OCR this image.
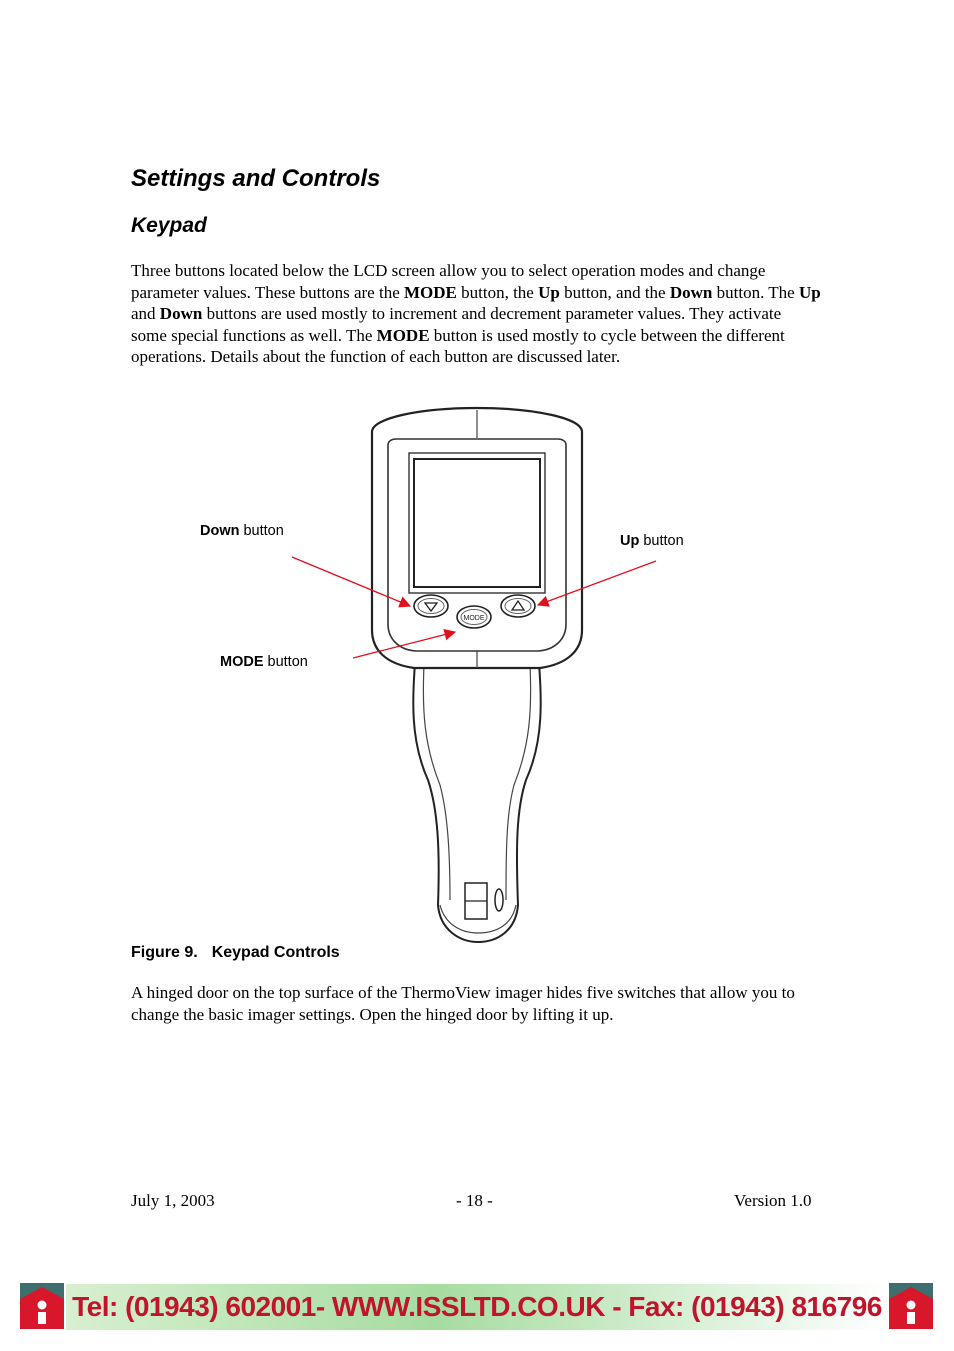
Settings and Controls
Keypad

Three buttons located below the LCD screen allow you to select operation modes and change parameter values. These buttons are the MODE button, the Up button, and the Down button. The Up and Down buttons are used mostly to increment and decrement parameter values. They activate some special functions as well. The MODE button is used mostly to cycle between the different operations. Details about the function of each button are discussed later.

MODE
Down button
Up button
MODE button
Figure 9. Keypad Controls

A hinged door on the top surface of the ThermoView imager hides five switches that allow you to change the basic imager settings. Open the hinged door by lifting it up.

July 1, 2003	- 18 -	Version 1.0
Tel: (01943) 602001- WWW.ISSLTD.CO.UK - Fax: (01943) 816796
